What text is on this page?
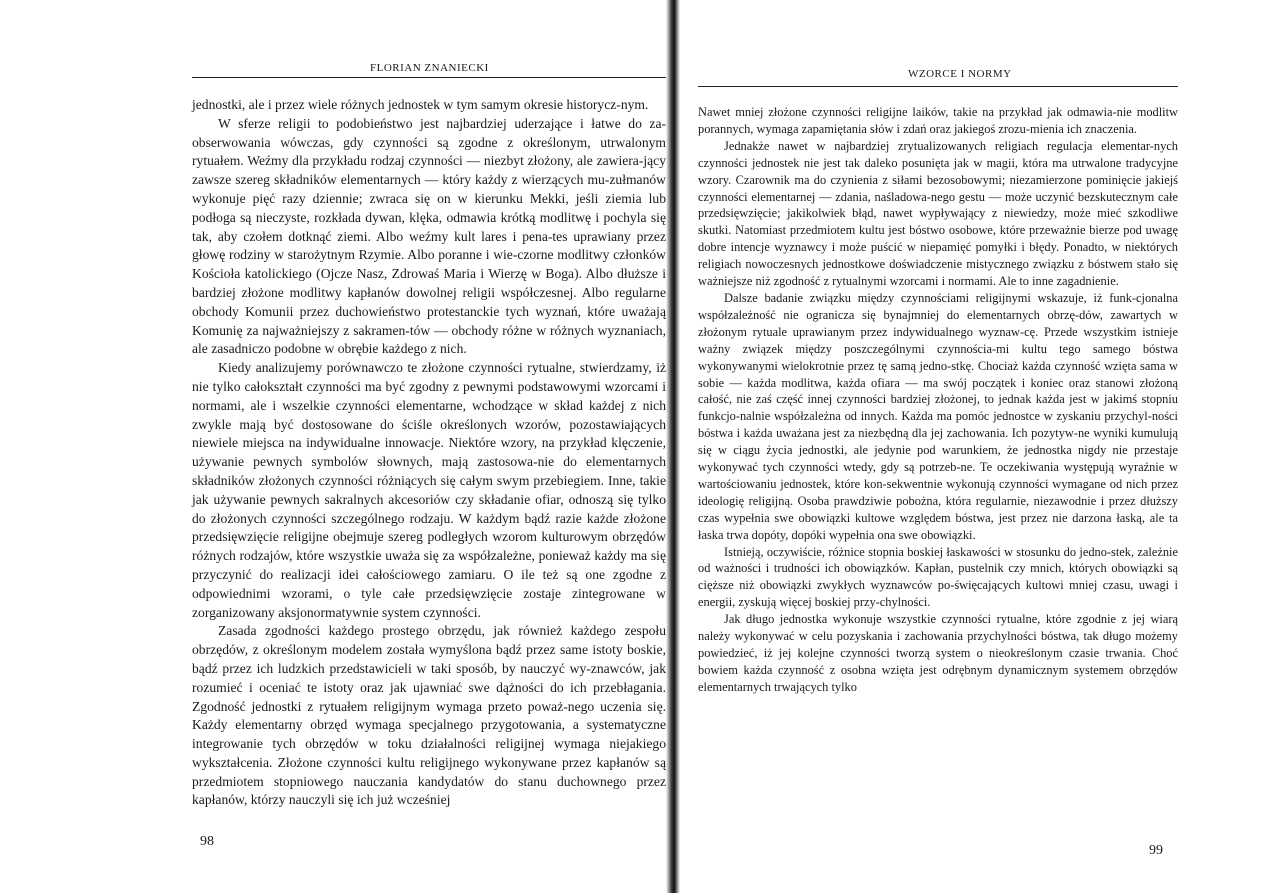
FLORIAN ZNANIECKI

jednostki, ale i przez wiele różnych jednostek w tym samym okresie historycz-nym.

W sferze religii to podobieństwo jest najbardziej uderzające i łatwe do za-obserwowania wówczas, gdy czynności są zgodne z określonym, utrwalonym rytuałem. Weźmy dla przykładu rodzaj czynności — niezbyt złożony, ale zawiera-jący zawsze szereg składników elementarnych — który każdy z wierzących mu-zułmanów wykonuje pięć razy dziennie; zwraca się on w kierunku Mekki, jeśli ziemia lub podłoga są nieczyste, rozkłada dywan, klęka, odmawia krótką modlitwę i pochyla się tak, aby czołem dotknąć ziemi. Albo weźmy kult lares i pena-tes uprawiany przez głowę rodziny w starożytnym Rzymie. Albo poranne i wie-czorne modlitwy członków Kościoła katolickiego (Ojcze Nasz, Zdrowaś Maria i Wierzę w Boga). Albo dłuższe i bardziej złożone modlitwy kapłanów dowolnej religii współczesnej. Albo regularne obchody Komunii przez duchowieństwo protestanckie tych wyznań, które uważają Komunię za najważniejszy z sakramen-tów — obchody różne w różnych wyznaniach, ale zasadniczo podobne w obrębie każdego z nich.

Kiedy analizujemy porównawczo te złożone czynności rytualne, stwierdzamy, iż nie tylko całokształt czynności ma być zgodny z pewnymi podstawowymi wzorcami i normami, ale i wszelkie czynności elementarne, wchodzące w skład każdej z nich zwykle mają być dostosowane do ściśle określonych wzorów, pozostawiających niewiele miejsca na indywidualne innowacje. Niektóre wzory, na przykład klęczenie, używanie pewnych symbolów słownych, mają zastosowa-nie do elementarnych składników złożonych czynności różniących się całym swym przebiegiem. Inne, takie jak używanie pewnych sakralnych akcesoriów czy składanie ofiar, odnoszą się tylko do złożonych czynności szczególnego rodzaju. W każdym bądź razie każde złożone przedsięwzięcie religijne obejmuje szereg podległych wzorom kulturowym obrzędów różnych rodzajów, które wszystkie uważa się za współzależne, ponieważ każdy ma się przyczynić do realizacji idei całościowego zamiaru. O ile też są one zgodne z odpowiednimi wzorami, o tyle całe przedsięwzięcie zostaje zintegrowane w zorganizowany aksjonormatywnie system czynności.

Zasada zgodności każdego prostego obrzędu, jak również każdego zespołu obrzędów, z określonym modelem została wymyślona bądź przez same istoty boskie, bądź przez ich ludzkich przedstawicieli w taki sposób, by nauczyć wy-znawców, jak rozumieć i oceniać te istoty oraz jak ujawniać swe dążności do ich przebłagania. Zgodność jednostki z rytuałem religijnym wymaga przeto poważ-nego uczenia się. Każdy elementarny obrzęd wymaga specjalnego przygotowania, a systematyczne integrowanie tych obrzędów w toku działalności religijnej wymaga niejakiego wykształcenia. Złożone czynności kultu religijnego wykonywane przez kapłanów są przedmiotem stopniowego nauczania kandydatów do stanu duchownego przez kapłanów, którzy nauczyli się ich już wcześniej

98
WZORCE I NORMY

Nawet mniej złożone czynności religijne laików, takie na przykład jak odmawia-nie modlitw porannych, wymaga zapamiętania słów i zdań oraz jakiegoś zrozu-mienia ich znaczenia.

Jednakże nawet w najbardziej zrytualizowanych religiach regulacja elementar-nych czynności jednostek nie jest tak daleko posunięta jak w magii, która ma utrwalone tradycyjne wzory. Czarownik ma do czynienia z siłami bezosobowymi; niezamierzone pominięcie jakiejś czynności elementarnej — zdania, naśladowa-nego gestu — może uczynić bezskutecznym całe przedsięwzięcie; jakikolwiek błąd, nawet wypływający z niewiedzy, może mieć szkodliwe skutki. Natomiast przedmiotem kultu jest bóstwo osobowe, które przeważnie bierze pod uwagę dobre intencje wyznawcy i może puścić w niepamięć pomyłki i błędy. Ponadto, w niektórych religiach nowoczesnych jednostkowe doświadczenie mistycznego związku z bóstwem stało się ważniejsze niż zgodność z rytualnymi wzorcami i normami. Ale to inne zagadnienie.

Dalsze badanie związku między czynnościami religijnymi wskazuje, iż funk-cjonalna współzależność nie ogranicza się bynajmniej do elementarnych obrzę-dów, zawartych w złożonym rytuale uprawianym przez indywidualnego wyznaw-cę. Przede wszystkim istnieje ważny związek między poszczególnymi czynnościa-mi kultu tego samego bóstwa wykonywanymi wielokrotnie przez tę samą jedno-stkę. Chociaż każda czynność wzięta sama w sobie — każda modlitwa, każda ofiara — ma swój początek i koniec oraz stanowi złożoną całość, nie zaś część innej czynności bardziej złożonej, to jednak każda jest w jakimś stopniu funkcjo-nalnie współzależna od innych. Każda ma pomóc jednostce w zyskaniu przychyl-ności bóstwa i każda uważana jest za niezbędną dla jej zachowania. Ich pozytyw-ne wyniki kumulują się w ciągu życia jednostki, ale jedynie pod warunkiem, że jednostka nigdy nie przestaje wykonywać tych czynności wtedy, gdy są potrzeb-ne. Te oczekiwania występują wyraźnie w wartościowaniu jednostek, które kon-sekwentnie wykonują czynności wymagane od nich przez ideologię religijną. Osoba prawdziwie pobożna, która regularnie, niezawodnie i przez dłuższy czas wypełnia swe obowiązki kultowe względem bóstwa, jest przez nie darzona łaską, ale ta łaska trwa dopóty, dopóki wypełnia ona swe obowiązki.

Istnieją, oczywiście, różnice stopnia boskiej łaskawości w stosunku do jedno-stek, zależnie od ważności i trudności ich obowiązków. Kapłan, pustelnik czy mnich, których obowiązki są cięższe niż obowiązki zwykłych wyznawców po-święcających kultowi mniej czasu, uwagi i energii, zyskują więcej boskiej przy-chylności.

Jak długo jednostka wykonuje wszystkie czynności rytualne, które zgodnie z jej wiarą należy wykonywać w celu pozyskania i zachowania przychylności bóstwa, tak długo możemy powiedzieć, iż jej kolejne czynności tworzą system o nieokreślonym czasie trwania. Choć bowiem każda czynność z osobna wzięta jest odrębnym dynamicznym systemem obrzędów elementarnych trwających tylko

99
